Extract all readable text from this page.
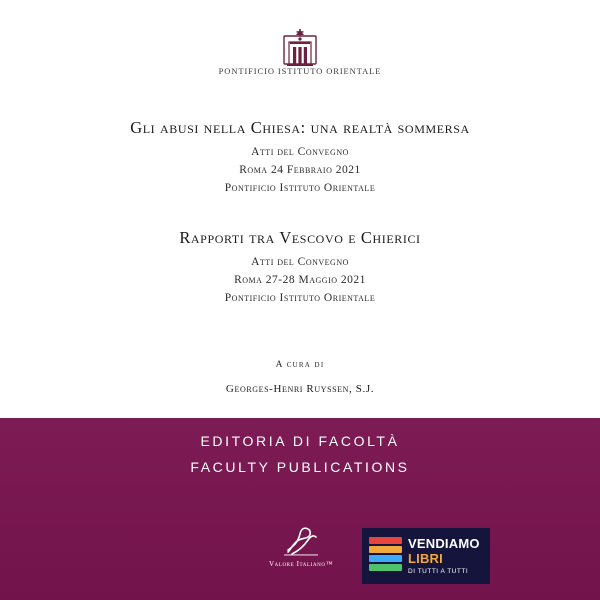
PONTIFICIO ISTITUTO ORIENTALE
Gli abusi nella Chiesa: una realtà sommersa
Atti del Convegno
Roma 24 Febbraio 2021
Pontificio Istituto Orientale
Rapporti tra Vescovo e Chierici
Atti del Convegno
Roma 27-28 Maggio 2021
Pontificio Istituto Orientale
A cura di
Georges-Henri Ruyssen, S.J.
EDITORIA DI FACOLTÀ
FACULTY PUBLICATIONS
Valore Italiano™
VENDIAMO
LIBRI
DI TUTTI A TUTTI
